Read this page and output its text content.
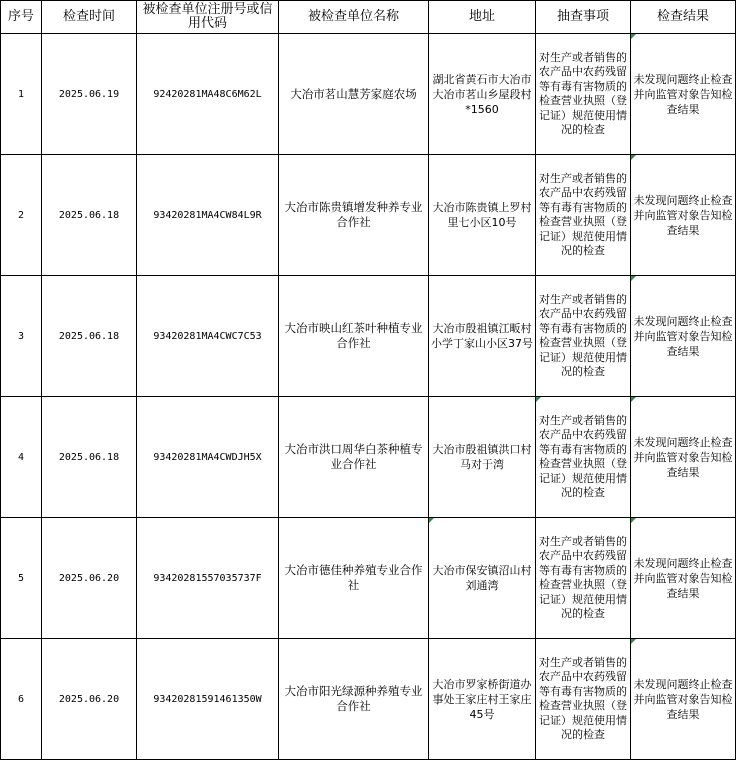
序号	检查时间	被检查单位注册号或信用代码	被检查单位名称	地址	抽查事项	检查结果
1	2025.06.19	92420281MA48C6M62L	大冶市茗山慧芳家庭农场	湖北省黄石市大冶市大冶市茗山乡屋段村*1560	对生产或者销售的农产品中农药残留等有毒有害物质的检查营业执照（登记证）规范使用情况的检查	未发现问题终止检查并向监管对象告知检查结果
2	2025.06.18	93420281MA4CW84L9R	大冶市陈贵镇增发种养专业合作社	大冶市陈贵镇上罗村里七小区10号	对生产或者销售的农产品中农药残留等有毒有害物质的检查营业执照（登记证）规范使用情况的检查	未发现问题终止检查并向监管对象告知检查结果
3	2025.06.18	93420281MA4CWC7C53	大冶市映山红茶叶种植专业合作社	大冶市殷祖镇江畈村小学丁家山小区37号	对生产或者销售的农产品中农药残留等有毒有害物质的检查营业执照（登记证）规范使用情况的检查	未发现问题终止检查并向监管对象告知检查结果
4	2025.06.18	93420281MA4CWDJH5X	大冶市洪口周华白茶种植专业合作社	大冶市殷祖镇洪口村马对于湾	对生产或者销售的农产品中农药残留等有毒有害物质的检查营业执照（登记证）规范使用情况的检查	未发现问题终止检查并向监管对象告知检查结果
5	2025.06.20	934202815570357З7F	大冶市德佳种养殖专业合作社	大冶市保安镇沼山村刘通湾	对生产或者销售的农产品中农药残留等有毒有害物质的检查营业执照（登记证）规范使用情况的检查	未发现问题终止检查并向监管对象告知检查结果
6	2025.06.20	93420281591461350W	大冶市阳光绿源种养殖专业合作社	大冶市罗家桥街道办事处王家庄村王家庄45号	对生产或者销售的农产品中农药残留等有毒有害物质的检查营业执照（登记证）规范使用情况的检查	未发现问题终止检查并向监管对象告知检查结果
